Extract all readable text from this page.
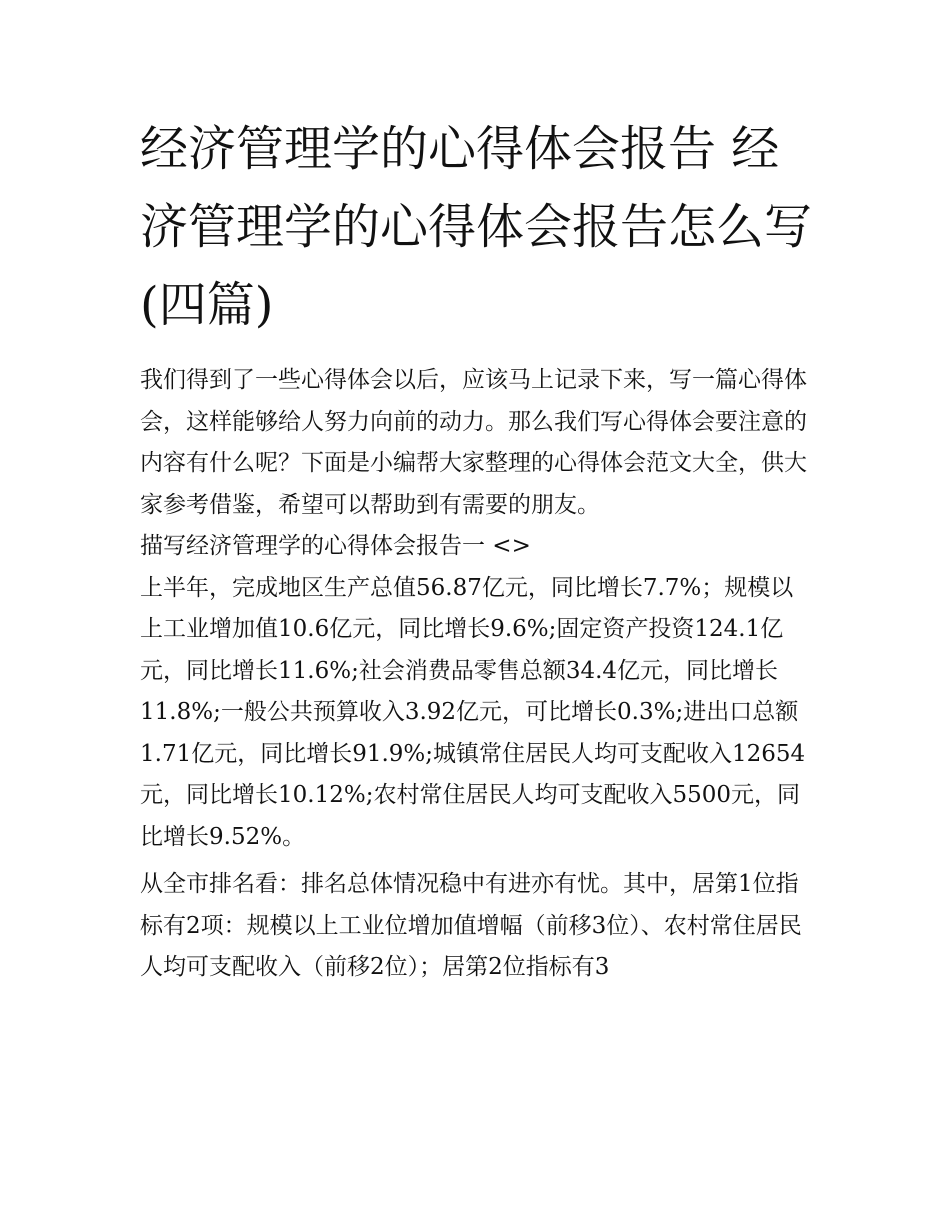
经济管理学的心得体会报告 经济管理学的心得体会报告怎么写(四篇)

我们得到了一些心得体会以后，应该马上记录下来，写一篇心得体会，这样能够给人努力向前的动力。那么我们写心得体会要注意的内容有什么呢？下面是小编帮大家整理的心得体会范文大全，供大家参考借鉴，希望可以帮助到有需要的朋友。

描写经济管理学的心得体会报告一 <>

上半年，完成地区生产总值56.87亿元，同比增长7.7%；规模以上工业增加值10.6亿元，同比增长9.6%;固定资产投资124.1亿元，同比增长11.6%;社会消费品零售总额34.4亿元，同比增长11.8%;一般公共预算收入3.92亿元，可比增长0.3%;进出口总额1.71亿元，同比增长91.9%;城镇常住居民人均可支配收入12654元，同比增长10.12%;农村常住居民人均可支配收入5500元，同比增长9.52%。

从全市排名看：排名总体情况稳中有进亦有忧。其中，居第1位指标有2项：规模以上工业位增加值增幅（前移3位）、农村常住居民人均可支配收入（前移2位）；居第2位指标有3
